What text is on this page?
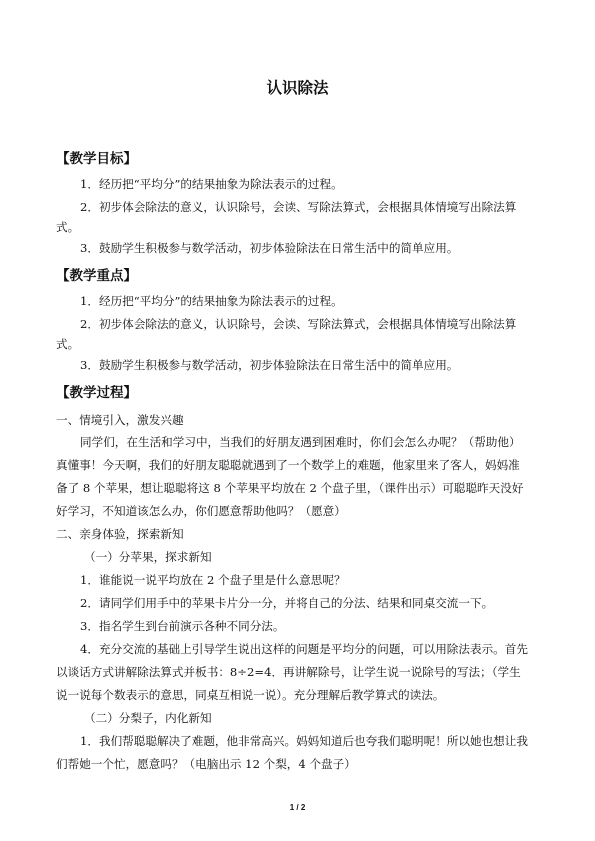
认识除法
【教学目标】
1．经历把“平均分”的结果抽象为除法表示的过程。
2．初步体会除法的意义，认识除号，会读、写除法算式，会根据具体情境写出除法算
式。
3．鼓励学生积极参与数学活动，初步体验除法在日常生活中的简单应用。
【教学重点】
1．经历把“平均分”的结果抽象为除法表示的过程。
2．初步体会除法的意义，认识除号，会读、写除法算式，会根据具体情境写出除法算
式。
3．鼓励学生积极参与数学活动，初步体验除法在日常生活中的简单应用。
【教学过程】
一、情境引入，激发兴趣
同学们，在生活和学习中，当我们的好朋友遇到困难时，你们会怎么办呢？（帮助他）
真懂事！今天啊，我们的好朋友聪聪就遇到了一个数学上的难题，他家里来了客人，妈妈准
备了 8 个苹果，想让聪聪将这 8 个苹果平均放在 2 个盘子里，（课件出示）可聪聪昨天没好
好学习，不知道该怎么办，你们愿意帮助他吗？（愿意）
二、亲身体验，探索新知
（一）分苹果，探求新知
1．谁能说一说平均放在 2 个盘子里是什么意思呢？
2．请同学们用手中的苹果卡片分一分，并将自己的分法、结果和同桌交流一下。
3．指名学生到台前演示各种不同分法。
4．充分交流的基础上引导学生说出这样的问题是平均分的问题，可以用除法表示。首先
以谈话方式讲解除法算式并板书：8÷2=4．再讲解除号，让学生说一说除号的写法；（学生
说一说每个数表示的意思，同桌互相说一说）。充分理解后教学算式的读法。
（二）分梨子，内化新知
1．我们帮聪聪解决了难题，他非常高兴。妈妈知道后也夸我们聪明呢！所以她也想让我
们帮她一个忙，愿意吗？（电脑出示 12 个梨，4 个盘子）
1 / 2
